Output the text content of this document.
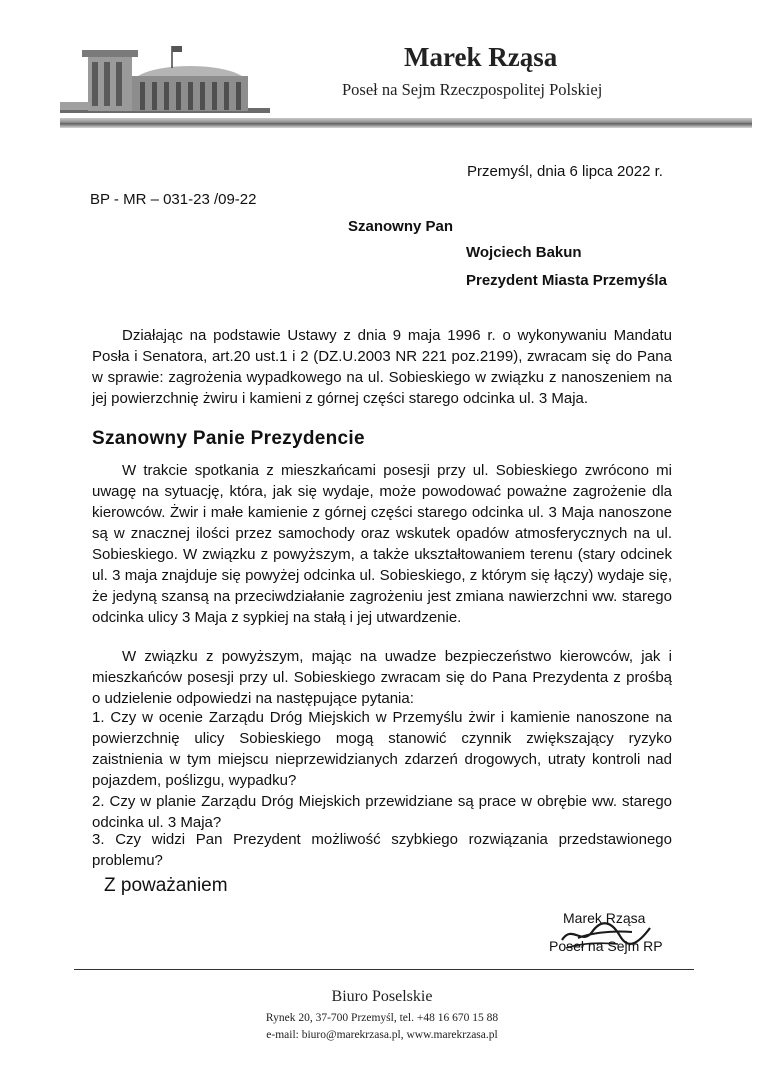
Marek Rząsa
Poseł na Sejm Rzeczpospolitej Polskiej
Przemyśl, dnia 6 lipca 2022 r.
BP - MR – 031-23 /09-22
Szanowny Pan
Wojciech Bakun
Prezydent Miasta Przemyśla
Działając na podstawie Ustawy z dnia 9 maja 1996 r. o wykonywaniu Mandatu Posła i Senatora, art.20 ust.1 i 2 (DZ.U.2003 NR 221 poz.2199), zwracam się do Pana w sprawie: zagrożenia wypadkowego na ul. Sobieskiego w związku z nanoszeniem na jej powierzchnię żwiru i kamieni z górnej części starego odcinka ul. 3 Maja.
Szanowny Panie Prezydencie
W trakcie spotkania z mieszkańcami posesji przy ul. Sobieskiego zwrócono mi uwagę na sytuację, która, jak się wydaje, może powodować poważne zagrożenie dla kierowców. Żwir i małe kamienie z górnej części starego odcinka ul. 3 Maja nanoszone są w znacznej ilości przez samochody oraz wskutek opadów atmosferycznych na ul. Sobieskiego. W związku z powyższym, a także ukształtowaniem terenu (stary odcinek ul. 3 maja znajduje się powyżej odcinka ul. Sobieskiego, z którym się łączy) wydaje się, że jedyną szansą na przeciwdziałanie zagrożeniu jest zmiana nawierzchni ww. starego odcinka ulicy 3 Maja z sypkiej na stałą i jej utwardzenie.
W związku z powyższym, mając na uwadze bezpieczeństwo kierowców, jak i mieszkańców posesji przy ul. Sobieskiego zwracam się do Pana Prezydenta z prośbą o udzielenie odpowiedzi na następujące pytania:
1. Czy w ocenie Zarządu Dróg Miejskich w Przemyślu żwir i kamienie nanoszone na powierzchnię ulicy Sobieskiego mogą stanowić czynnik zwiększający ryzyko zaistnienia w tym miejscu nieprzewidzianych zdarzeń drogowych, utraty kontroli nad pojazdem, poślizgu, wypadku?
2. Czy w planie Zarządu Dróg Miejskich przewidziane są prace w obrębie ww. starego odcinka ul. 3 Maja?
3. Czy widzi Pan Prezydent możliwość szybkiego rozwiązania przedstawionego problemu?
Z poważaniem
Marek Rząsa
Poseł na Sejm RP
Biuro Poselskie
Rynek 20, 37-700 Przemyśl, tel. +48 16 670 15 88
e-mail: biuro@marekrzasa.pl, www.marekrzasa.pl
